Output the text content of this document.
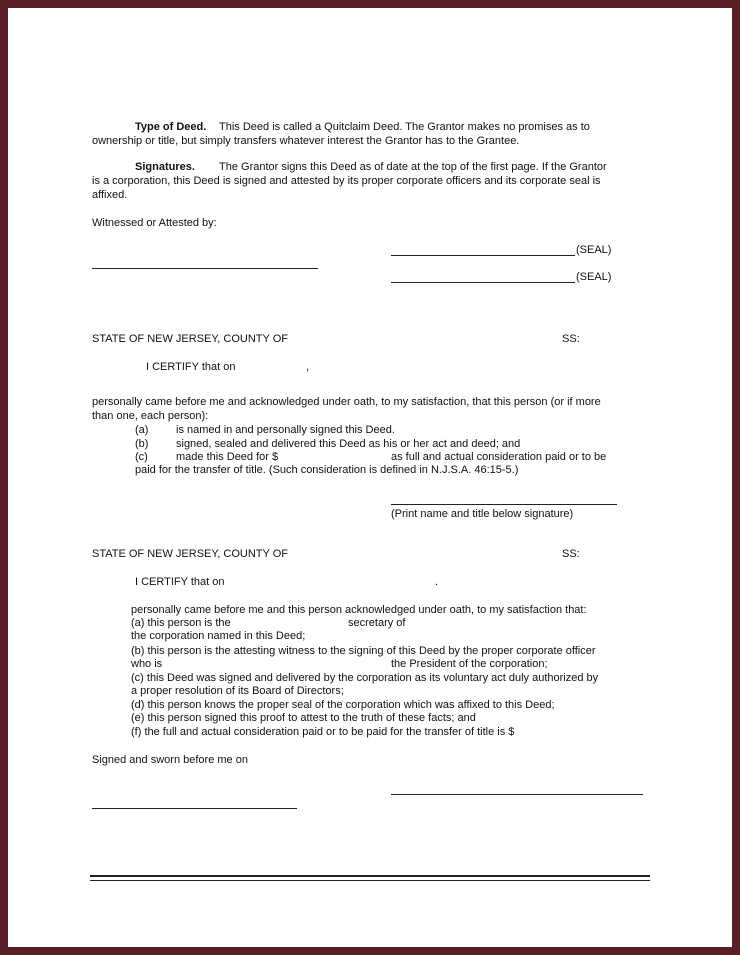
Type of Deed. This Deed is called a Quitclaim Deed. The Grantor makes no promises as to
ownership or title, but simply transfers whatever interest the Grantor has to the Grantee.
Signatures. The Grantor signs this Deed as of date at the top of the first page. If the Grantor
is a corporation, this Deed is signed and attested by its proper corporate officers and its corporate seal is
affixed.
Witnessed or Attested by:
(SEAL)
(SEAL)
STATE OF NEW JERSEY, COUNTY OF	SS:
I CERTIFY that on	,
personally came before me and acknowledged under oath, to my satisfaction, that this person (or if more
than one, each person):
(a)	is named in and personally signed this Deed.
(b)	signed, sealed and delivered this Deed as his or her act and deed; and
(c)	made this Deed for $	as full and actual consideration paid or to be
paid for the transfer of title. (Such consideration is defined in N.J.S.A. 46:15-5.)
(Print name and title below signature)
STATE OF NEW JERSEY, COUNTY OF	SS:
I CERTIFY that on	.
personally came before me and this person acknowledged under oath, to my satisfaction that:
(a) this person is the	secretary of
the corporation named in this Deed;
(b) this person is the attesting witness to the signing of this Deed by the proper corporate officer
who is	the President of the corporation;
(c) this Deed was signed and delivered by the corporation as its voluntary act duly authorized by
a proper resolution of its Board of Directors;
(d) this person knows the proper seal of the corporation which was affixed to this Deed;
(e) this person signed this proof to attest to the truth of these facts; and
(f) the full and actual consideration paid or to be paid for the transfer of title is $
Signed and sworn before me on
